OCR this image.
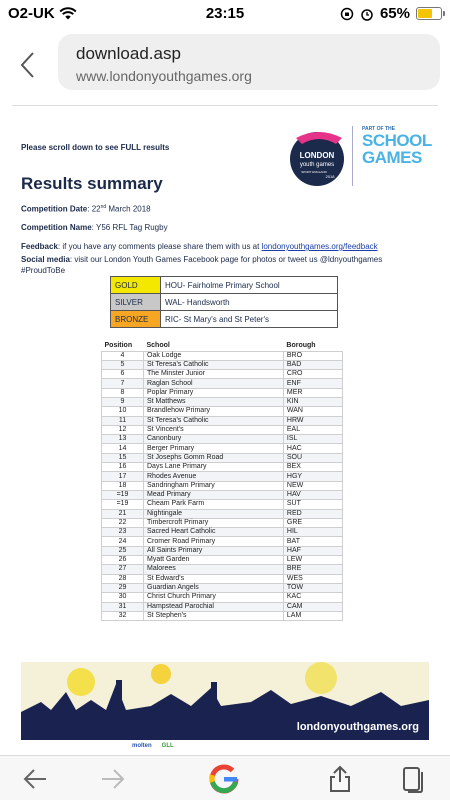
O2-UK	23:15	65%
download.asp
www.londonyouthgames.org
Please scroll down to see FULL results
LONDON
youth games
SPORT ENGLAND
2018
PART OF THE
SCHOOL
GAMES
Results summary
Competition Date: 22nd March 2018
Competition Name: Y56 RFL Tag Rugby
Feedback: if you have any comments please share them with us at londonyouthgames.org/feedback
Social media: visit our London Youth Games Facebook page for photos or tweet us @ldnyouthgames
#ProudToBe
GOLD	HOU- Fairholme Primary School
SILVER	WAL- Handsworth
BRONZE	RIC- St Mary's and St Peter's
Position	School	Borough
4	Oak Lodge	BRO
5	St Teresa's Catholic	BAD
6	The Minster Junior	CRO
7	Raglan School	ENF
8	Poplar Primary	MER
9	St Matthews	KIN
10	Brandlehow Primary	WAN
11	St Teresa's Catholic	HRW
12	St Vincent's	EAL
13	Canonbury	ISL
14	Berger Primary	HAC
15	St Josephs Gomm Road	SOU
16	Days Lane Primary	BEX
17	Rhodes Avenue	HGY
18	Sandringham Primary	NEW
=19	Mead Primary	HAV
=19	Cheam Park Farm	SUT
21	Nightingale	RED
22	Timbercroft Primary	GRE
23	Sacred Heart Catholic	HIL
24	Cromer Road Primary	BAT
25	All Saints Primary	HAF
26	Myatt Garden	LEW
27	Malorees	BRE
28	St Edward's	WES
29	Guardian Angels	TOW
30	Christ Church Primary	KAC
31	Hampstead Parochial	CAM
32	St Stephen's	LAM
londonyouthgames.org
molten GLL
